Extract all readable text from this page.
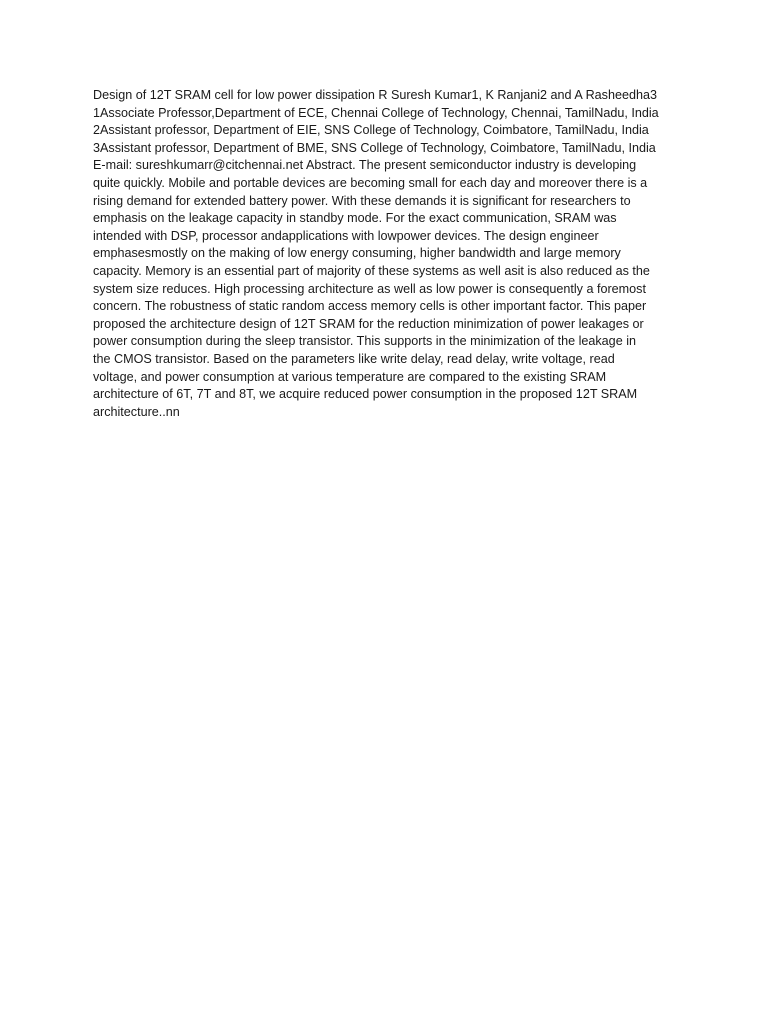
Design of 12T SRAM cell for low power dissipation R Suresh Kumar1, K Ranjani2 and A Rasheedha3
1Associate Professor,Department of ECE, Chennai College of Technology, Chennai, TamilNadu, India
2Assistant professor, Department of EIE, SNS College of Technology, Coimbatore, TamilNadu, India
3Assistant professor, Department of BME, SNS College of Technology, Coimbatore, TamilNadu, India
E-mail: sureshkumarr@citchennai.net Abstract. The present semiconductor industry is developing
quite quickly. Mobile and portable devices are becoming small for each day and moreover there is a
rising demand for extended battery power. With these demands it is significant for researchers to
emphasis on the leakage capacity in standby mode. For the exact communication, SRAM was
intended with DSP, processor andapplications with lowpower devices. The design engineer
emphasesmostly on the making of low energy consuming, higher bandwidth and large memory
capacity. Memory is an essential part of majority of these systems as well asit is also reduced as the
system size reduces. High processing architecture as well as low power is consequently a foremost
concern. The robustness of static random access memory cells is other important factor. This paper
proposed the architecture design of 12T SRAM for the reduction minimization of power leakages or
power consumption during the sleep transistor. This supports in the minimization of the leakage in
the CMOS transistor. Based on the parameters like write delay, read delay, write voltage, read
voltage, and power consumption at various temperature are compared to the existing SRAM
architecture of 6T, 7T and 8T, we acquire reduced power consumption in the proposed 12T SRAM
architecture..nn
